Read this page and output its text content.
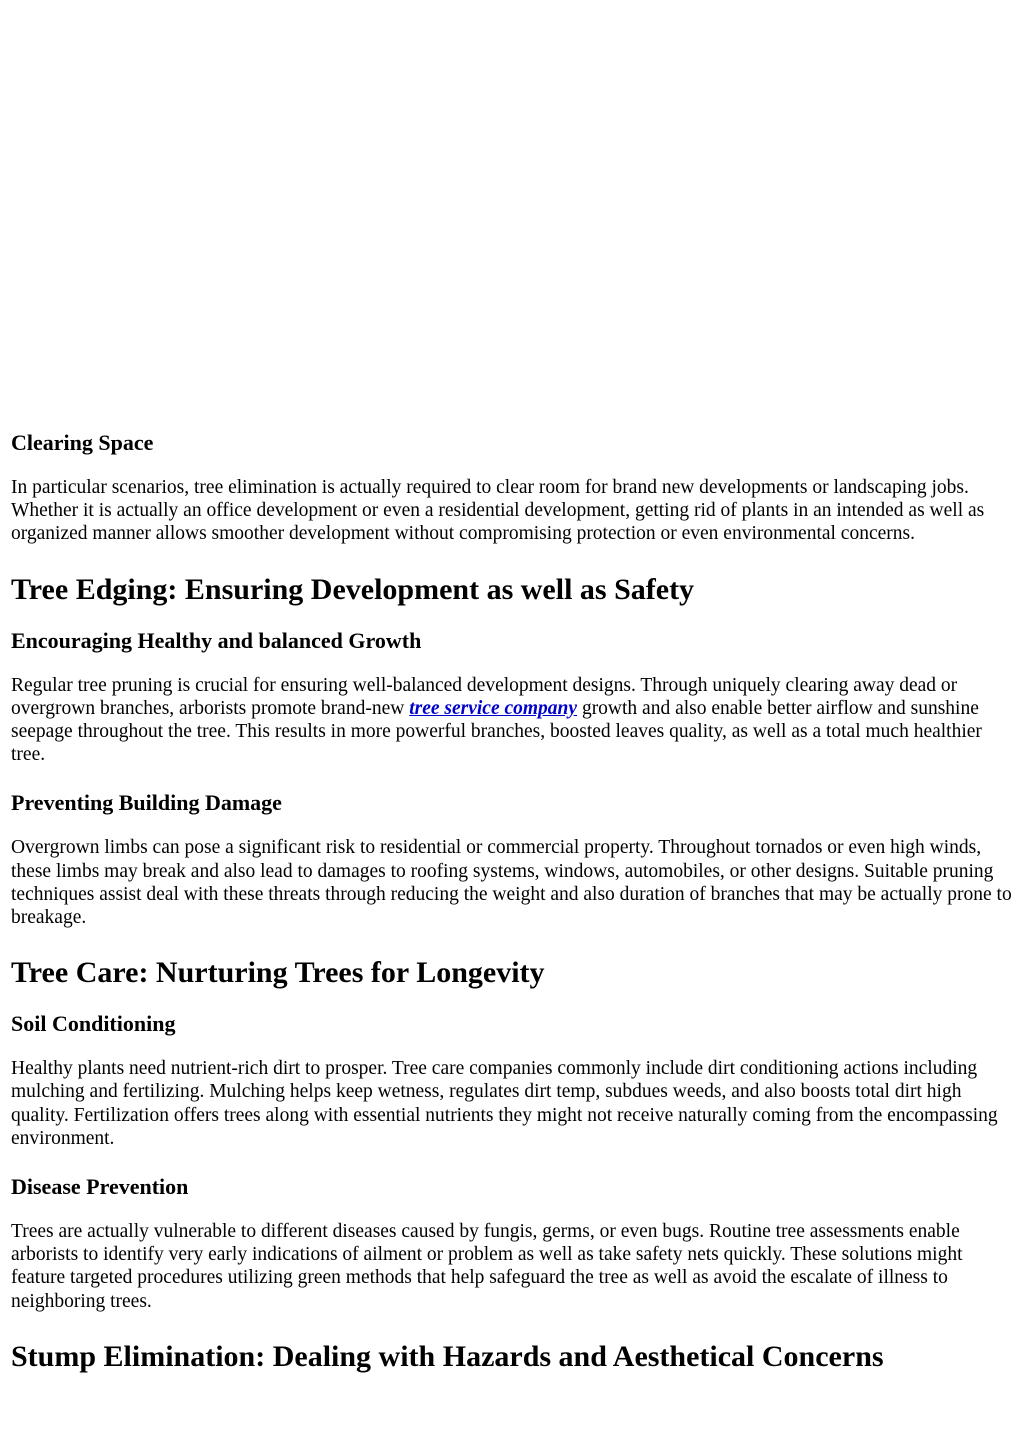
Clearing Space

In particular scenarios, tree elimination is actually required to clear room for brand new developments or landscaping jobs. Whether it is actually an office development or even a residential development, getting rid of plants in an intended as well as organized manner allows smoother development without compromising protection or even environmental concerns.

Tree Edging: Ensuring Development as well as Safety
Encouraging Healthy and balanced Growth

Regular tree pruning is crucial for ensuring well-balanced development designs. Through uniquely clearing away dead or overgrown branches, arborists promote brand-new tree service company growth and also enable better airflow and sunshine seepage throughout the tree. This results in more powerful branches, boosted leaves quality, as well as a total much healthier tree.

Preventing Building Damage

Overgrown limbs can pose a significant risk to residential or commercial property. Throughout tornados or even high winds, these limbs may break and also lead to damages to roofing systems, windows, automobiles, or other designs. Suitable pruning techniques assist deal with these threats through reducing the weight and also duration of branches that may be actually prone to breakage.

Tree Care: Nurturing Trees for Longevity
Soil Conditioning

Healthy plants need nutrient-rich dirt to prosper. Tree care companies commonly include dirt conditioning actions including mulching and fertilizing. Mulching helps keep wetness, regulates dirt temp, subdues weeds, and also boosts total dirt high quality. Fertilization offers trees along with essential nutrients they might not receive naturally coming from the encompassing environment.

Disease Prevention

Trees are actually vulnerable to different diseases caused by fungis, germs, or even bugs. Routine tree assessments enable arborists to identify very early indications of ailment or problem as well as take safety nets quickly. These solutions might feature targeted procedures utilizing green methods that help safeguard the tree as well as avoid the escalate of illness to neighboring trees.

Stump Elimination: Dealing with Hazards and Aesthetical Concerns
